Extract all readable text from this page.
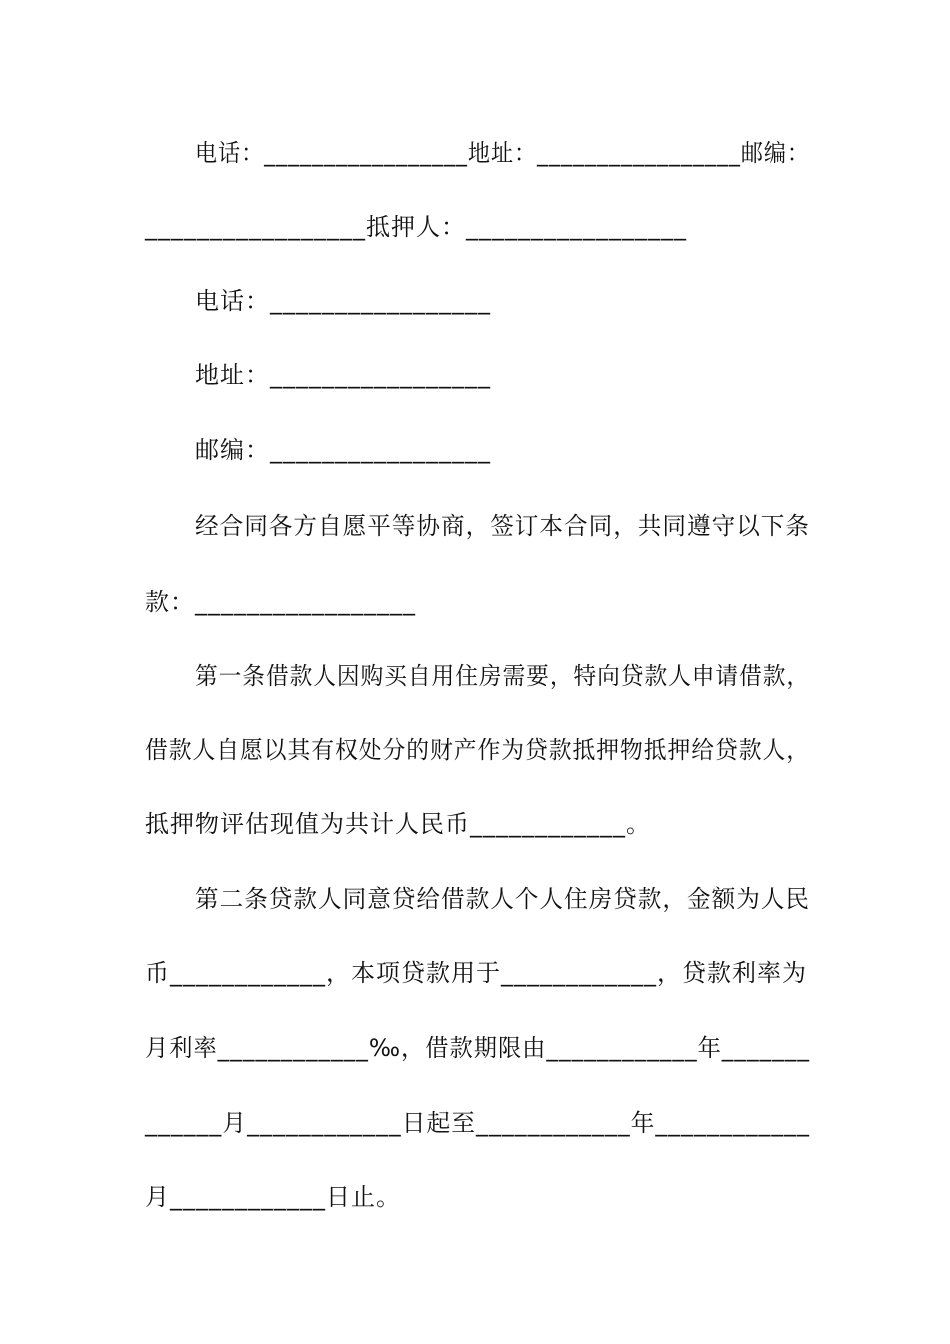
电话：_________________地址：_________________邮编：
_________________抵押人：_________________
电话：_________________
地址：_________________
邮编：_________________
经合同各方自愿平等协商，签订本合同，共同遵守以下条
款：_________________
第一条借款人因购买自用住房需要，特向贷款人申请借款，
借款人自愿以其有权处分的财产作为贷款抵押物抵押给贷款人，
抵押物评估现值为共计人民币____________。
第二条贷款人同意贷给借款人个人住房贷款，金额为人民
币____________，本项贷款用于____________，贷款利率为
月利率____________‰，借款期限由____________年_______
______月____________日起至____________年____________
月____________日止。
